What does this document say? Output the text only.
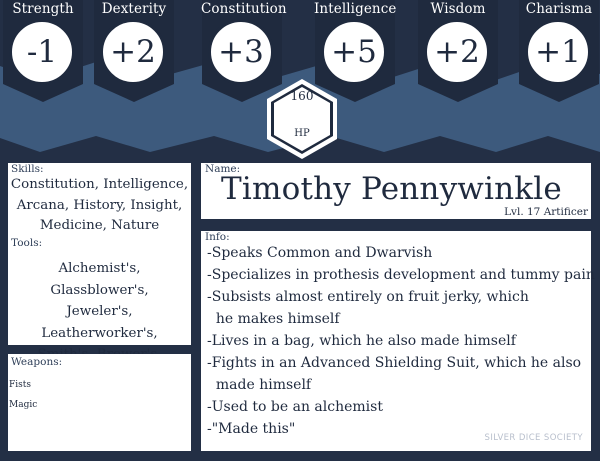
Strength
-1
Dexterity
+2
Constitution
+3
Intelligence
+5
Wisdom
+2
Charisma
+1
160
HP
Skills:
Constitution, Intelligence,
Arcana, History, Insight,
Medicine, Nature
Tools:
Alchemist's, Glassblower's,
Jeweler's, Leatherworker's,
Weapons:
Fists
Magic
Name:
Timothy Pennywinkle
Lvl. 17 Artificer
Info:
-Speaks Common and Dwarvish
-Specializes in prothesis development and tummy pain
-Subsists almost entirely on fruit jerky, which
he makes himself
-Lives in a bag, which he also made himself
-Fights in an Advanced Shielding Suit, which he also
made himself
-Used to be an alchemist
-"Made this"
SILVER DICE SOCIETY
